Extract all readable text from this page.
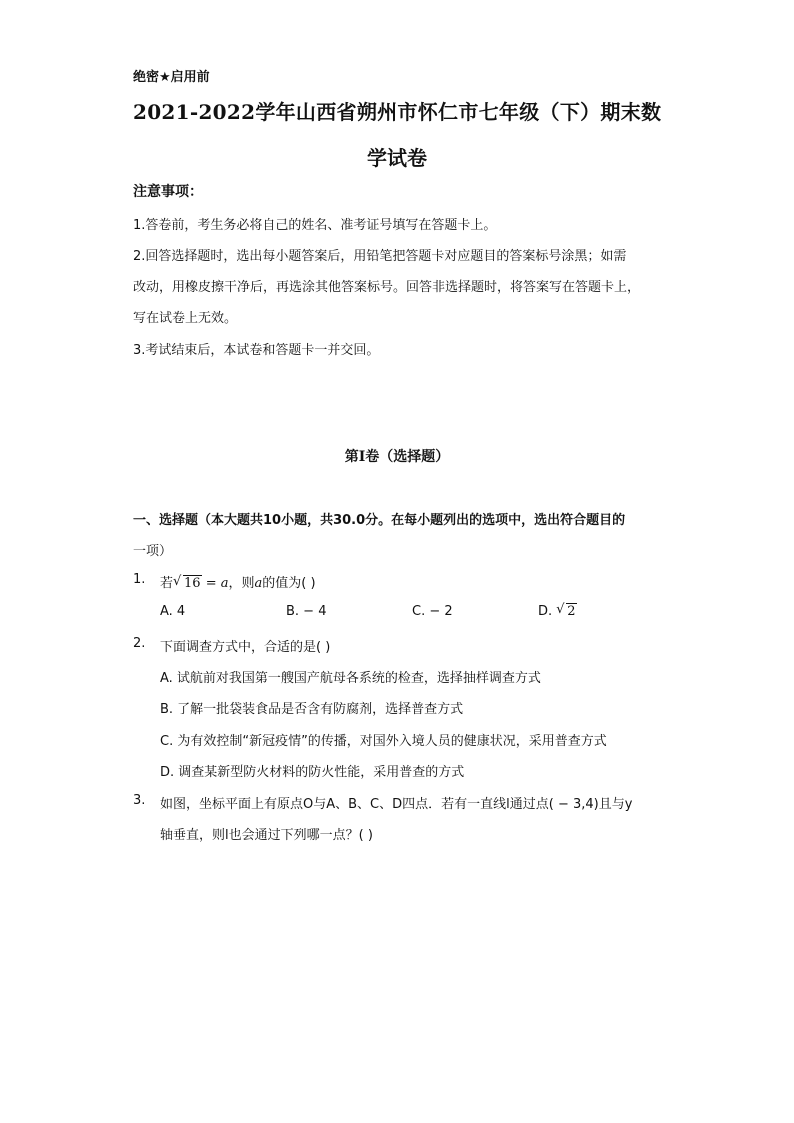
绝密★启用前
2021-2022学年山西省朔州市怀仁市七年级（下）期末数
学试卷
注意事项：
1.答卷前，考生务必将自己的姓名、准考证号填写在答题卡上。
2.回答选择题时，选出每小题答案后，用铅笔把答题卡对应题目的答案标号涂黑；如需
改动，用橡皮擦干净后，再选涂其他答案标号。回答非选择题时，将答案写在答题卡上，
写在试卷上无效。
3.考试结束后，本试卷和答题卡一并交回。
第Ⅰ卷（选择题）
一、选择题（本大题共10小题，共30.0分。在每小题列出的选项中，选出符合题目的
一项）
1. 若√ 16 = a，则a的值为( )
A. 4	B. − 4	C. − 2	D. √ 2
2. 下面调查方式中，合适的是( )
A. 试航前对我国第一艘国产航母各系统的检查，选择抽样调查方式
B. 了解一批袋装食品是否含有防腐剂，选择普查方式
C. 为有效控制“新冠疫情”的传播，对国外入境人员的健康状况，采用普查方式
D. 调查某新型防火材料的防火性能，采用普查的方式
3. 如图，坐标平面上有原点O与A、B、C、D四点．若有一直线l通过点( − 3,4)且与y
轴垂直，则l也会通过下列哪一点？( )
